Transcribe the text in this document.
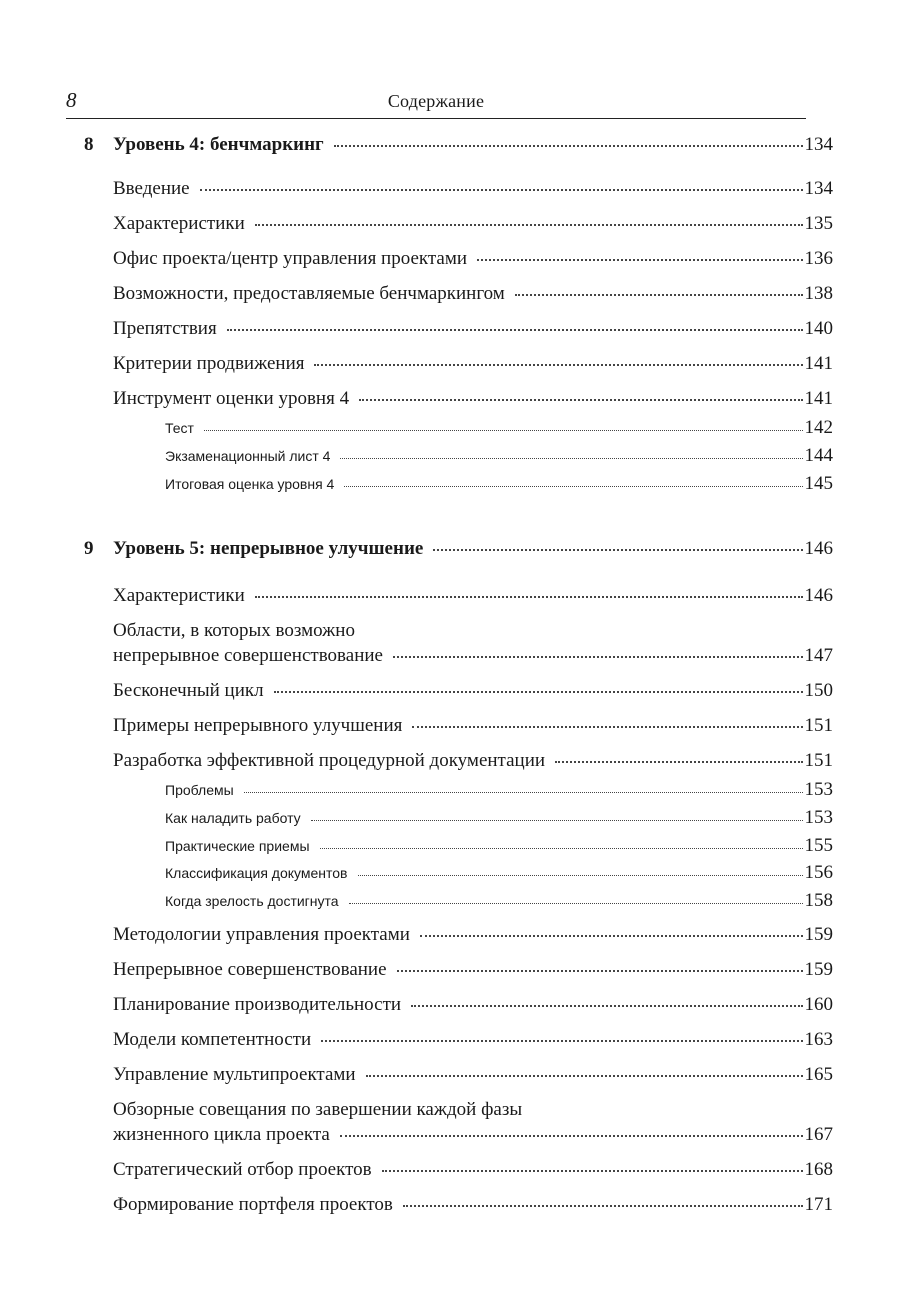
8	Содержание
8	Уровень 4: бенчмаркинг	134
Введение	134
Характеристики	135
Офис проекта/центр управления проектами	136
Возможности, предоставляемые бенчмаркингом	138
Препятствия	140
Критерии продвижения	141
Инструмент оценки уровня 4	141
Тест	142
Экзаменационный лист 4	144
Итоговая оценка уровня 4	145
9	Уровень 5: непрерывное улучшение	146
Характеристики	146
Области, в которых возможно
непрерывное совершенствование	147
Бесконечный цикл	150
Примеры непрерывного улучшения	151
Разработка эффективной процедурной документации	151
Проблемы	153
Как наладить работу	153
Практические приемы	155
Классификация документов	156
Когда зрелость достигнута	158
Методологии управления проектами	159
Непрерывное совершенствование	159
Планирование производительности	160
Модели компетентности	163
Управление мультипроектами	165
Обзорные совещания по завершении каждой фазы
жизненного цикла проекта	167
Стратегический отбор проектов	168
Формирование портфеля проектов	171
